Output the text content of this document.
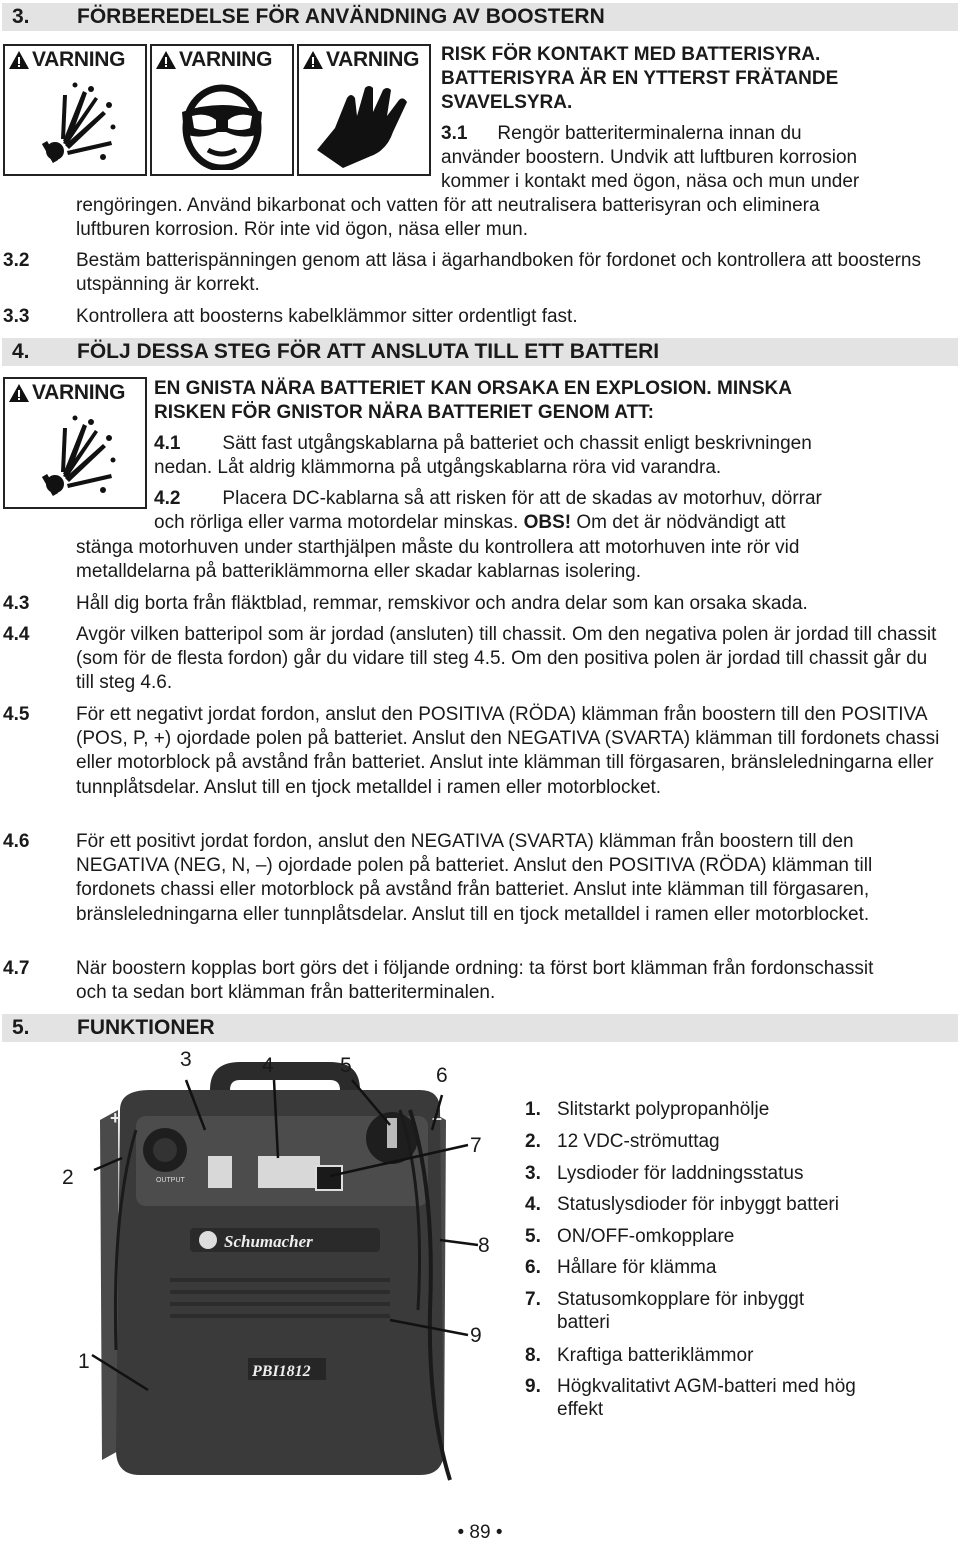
3. FÖRBEREDELSE FÖR ANVÄNDNING AV BOOSTERN
VARNING	VARNING	VARNING RISK FÖR KONTAKT MED BATTERISYRA.
BATTERISYRA ÄR EN YTTERST FRÄTANDE
SVAVELSYRA.
3.1 Rengör batteriterminalerna innan du
använder boostern. Undvik att luftburen korrosion
kommer i kontakt med ögon, näsa och mun under
rengöringen. Använd bikarbonat och vatten för att neutralisera batterisyran och eliminera
luftburen korrosion. Rör inte vid ögon, näsa eller mun.
3.2 Bestäm batterispänningen genom att läsa i ägarhandboken för fordonet och kontrollera att boosterns utspänning är korrekt.
3.3 Kontrollera att boosterns kabelklämmor sitter ordentligt fast.
4. FÖLJ DESSA STEG FÖR ATT ANSLUTA TILL ETT BATTERI
VARNING EN GNISTA NÄRA BATTERIET KAN ORSAKA EN EXPLOSION. MINSKA
RISKEN FÖR GNISTOR NÄRA BATTERIET GENOM ATT:
4.1 Sätt fast utgångskablarna på batteriet och chassit enligt beskrivningen
nedan. Låt aldrig klämmorna på utgångskablarna röra vid varandra.
4.2 Placera DC-kablarna så att risken för att de skadas av motorhuv, dörrar
och rörliga eller varma motordelar minskas. OBS! Om det är nödvändigt att
stänga motorhuven under starthjälpen måste du kontrollera att motorhuven inte rör vid
metalldelarna på batteriklämmorna eller skadar kablarnas isolering.
4.3 Håll dig borta från fläktblad, remmar, remskivor och andra delar som kan orsaka skada.
4.4 Avgör vilken batteripol som är jordad (ansluten) till chassit. Om den negativa polen är jordad till chassit (som för de flesta fordon) går du vidare till steg 4.5. Om den positiva polen är jordad till chassit går du till steg 4.6.
4.5 För ett negativt jordat fordon, anslut den POSITIVA (RÖDA) klämman från boostern till den POSITIVA (POS, P, +) ojordade polen på batteriet. Anslut den NEGATIVA (SVARTA) klämman till fordonets chassi eller motorblock på avstånd från batteriet. Anslut inte klämman till förgasaren, bränsleledningarna eller tunnplåtsdelar. Anslut till en tjock metalldel i ramen eller motorblocket.
4.6 För ett positivt jordat fordon, anslut den NEGATIVA (SVARTA) klämman från boostern till den NEGATIVA (NEG, N, –) ojordade polen på batteriet. Anslut den POSITIVA (RÖDA) klämman till fordonets chassi eller motorblock på avstånd från batteriet. Anslut inte klämman till förgasaren, bränsleledningarna eller tunnplåtsdelar. Anslut till en tjock metalldel i ramen eller motorblocket.
4.7 När boostern kopplas bort görs det i följande ordning: ta först bort klämman från fordonschassit och ta sedan bort klämman från batteriterminalen.
5. FUNKTIONER
OUTPUT
Schumacher
PBI1812
+	–
1
2
3	4	5	6
7
8
9
1. Slitstarkt polypropanhölje
2. 12 VDC-strömuttag
3. Lysdioder för laddningsstatus
4. Statuslysdioder för inbyggt batteri
5. ON/OFF-omkopplare
6. Hållare för klämma
7. Statusomkopplare för inbyggt batteri
8. Kraftiga batteriklämmor
9. Högkvalitativt AGM-batteri med hög effekt
• 89 •
